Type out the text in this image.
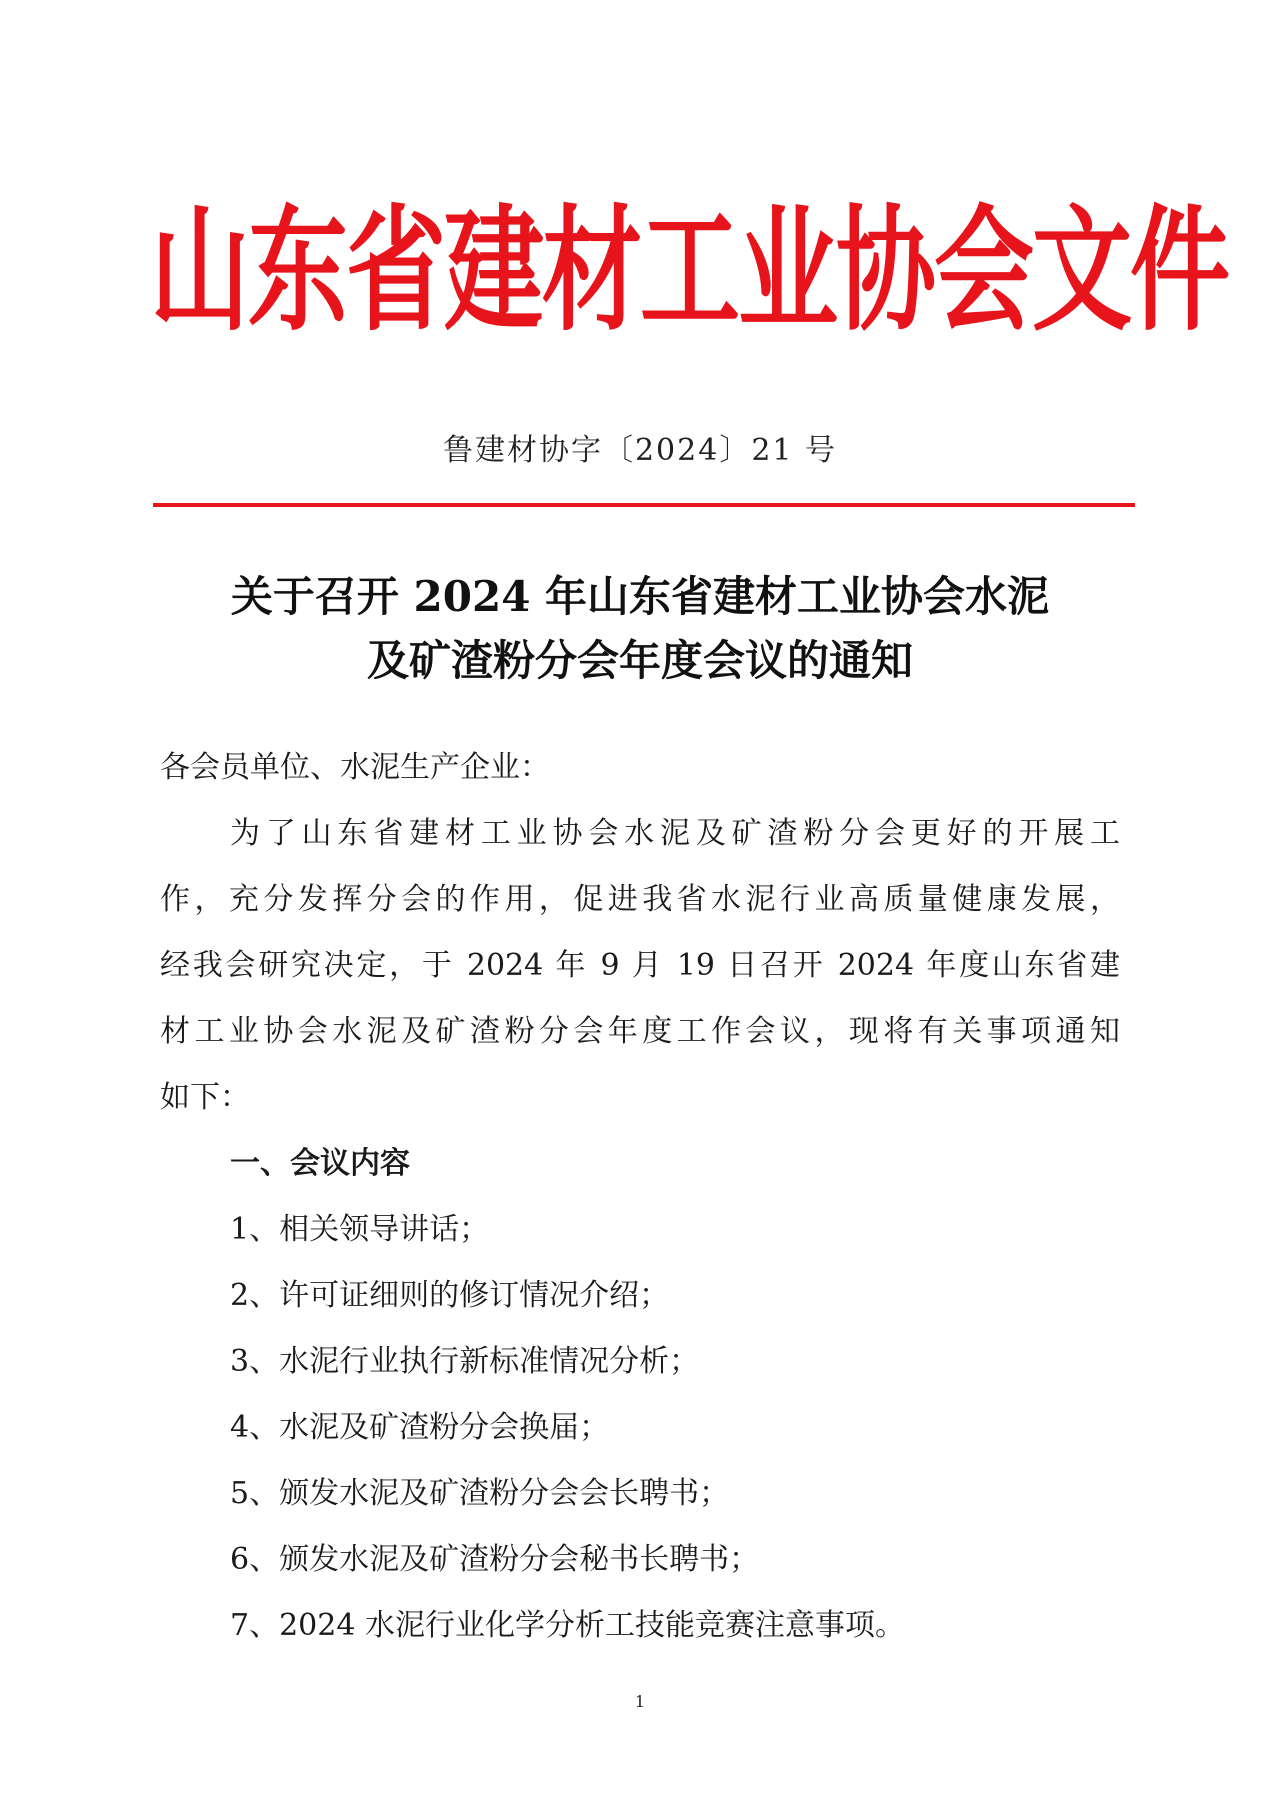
山东省建材工业协会文件
鲁建材协字〔2024〕21 号
关于召开 2024 年山东省建材工业协会水泥
及矿渣粉分会年度会议的通知
各会员单位、水泥生产企业：
为了山东省建材工业协会水泥及矿渣粉分会更好的开展工
作，充分发挥分会的作用，促进我省水泥行业高质量健康发展，
经我会研究决定，于 2024 年 9 月 19 日召开 2024 年度山东省建
材工业协会水泥及矿渣粉分会年度工作会议，现将有关事项通知
如下：
一、会议内容
1、相关领导讲话；
2、许可证细则的修订情况介绍；
3、水泥行业执行新标准情况分析；
4、水泥及矿渣粉分会换届；
5、颁发水泥及矿渣粉分会会长聘书；
6、颁发水泥及矿渣粉分会秘书长聘书；
7、2024 水泥行业化学分析工技能竞赛注意事项。
1
